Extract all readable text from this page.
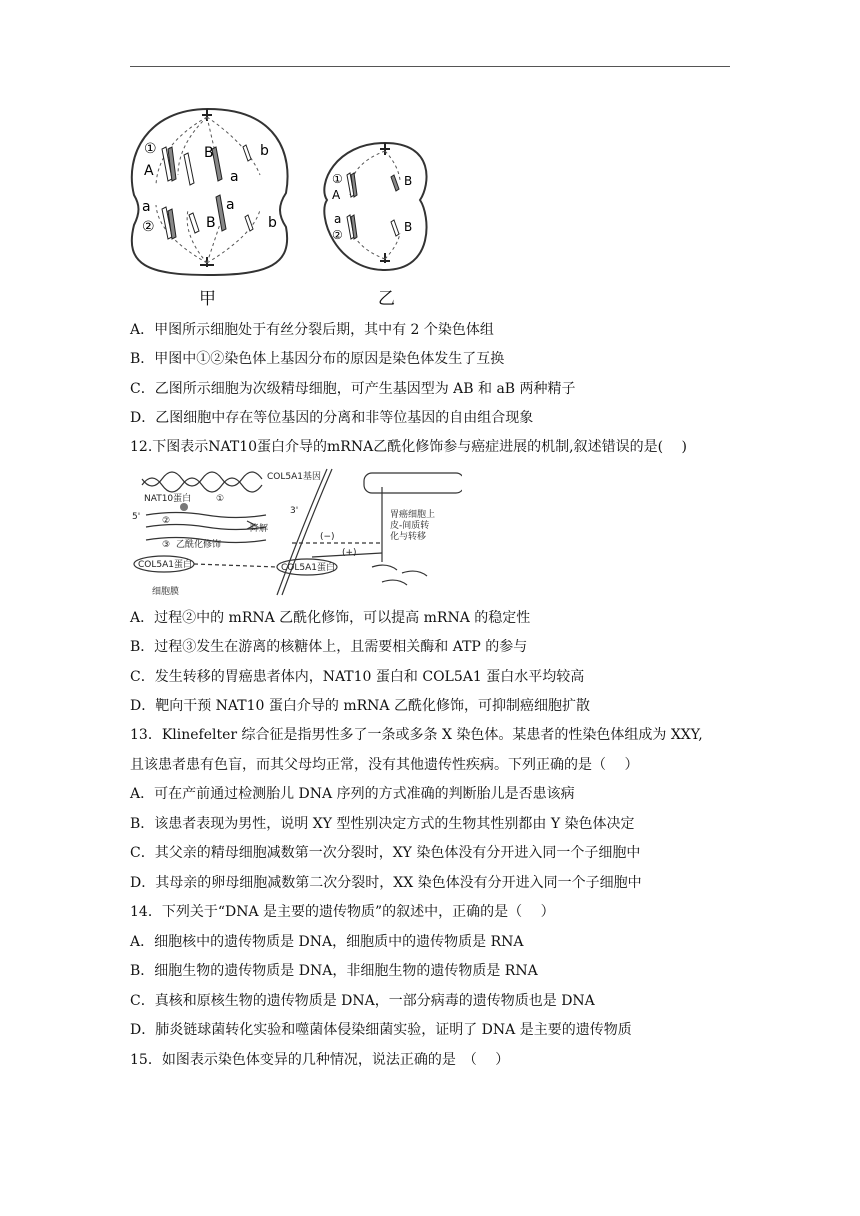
①
A
B	b
a
a
②
a
B	b
①
A
B
a
②
B
甲	乙
A．甲图所示细胞处于有丝分裂后期，其中有 2 个染色体组
B．甲图中①②染色体上基因分布的原因是染色体发生了互换
C．乙图所示细胞为次级精母细胞，可产生基因型为 AB 和 aB 两种精子
D．乙图细胞中存在等位基因的分离和非等位基因的自由组合现象
12.下图表示NAT10蛋白介导的mRNA乙酰化修饰参与癌症进展的机制,叙述错误的是(　 )
COL5A1基因
NAT10蛋白	①
②
③
5'
3'
降解
乙酰化修饰
COL5A1蛋白	COL5A1蛋白
细胞膜
(−)
(+)
胃癌细胞上
皮-间质转
化与转移
A．过程②中的 mRNA 乙酰化修饰，可以提高 mRNA 的稳定性
B．过程③发生在游离的核糖体上，且需要相关酶和 ATP 的参与
C．发生转移的胃癌患者体内，NAT10 蛋白和 COL5A1 蛋白水平均较高
D．靶向干预 NAT10 蛋白介导的 mRNA 乙酰化修饰，可抑制癌细胞扩散
13．Klinefelter 综合征是指男性多了一条或多条 X 染色体。某患者的性染色体组成为 XXY,
且该患者患有色盲，而其父母均正常，没有其他遗传性疾病。下列正确的是（　 ）
A．可在产前通过检测胎儿 DNA 序列的方式准确的判断胎儿是否患该病
B．该患者表现为男性，说明 XY 型性别决定方式的生物其性别都由 Y 染色体决定
C．其父亲的精母细胞减数第一次分裂时，XY 染色体没有分开进入同一个子细胞中
D．其母亲的卵母细胞减数第二次分裂时，XX 染色体没有分开进入同一个子细胞中
14．下列关于“DNA 是主要的遗传物质”的叙述中，正确的是（　 ）
A．细胞核中的遗传物质是 DNA，细胞质中的遗传物质是 RNA
B．细胞生物的遗传物质是 DNA，非细胞生物的遗传物质是 RNA
C．真核和原核生物的遗传物质是 DNA，一部分病毒的遗传物质也是 DNA
D．肺炎链球菌转化实验和噬菌体侵染细菌实验，证明了 DNA 是主要的遗传物质
15．如图表示染色体变异的几种情况，说法正确的是　（　 ）
